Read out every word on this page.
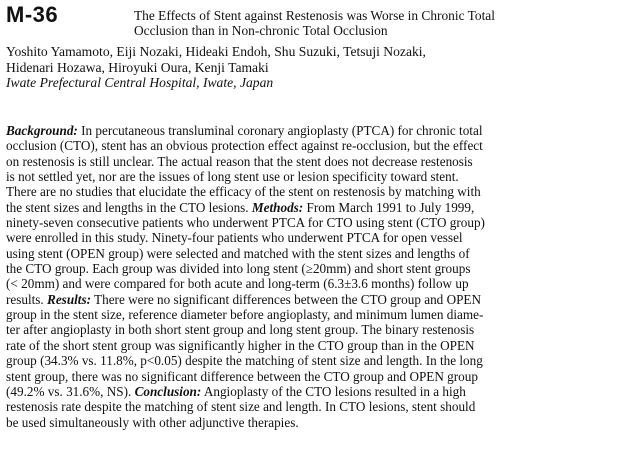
M-36	The Effects of Stent against Restenosis was Worse in Chronic Total
Occlusion than in Non-chronic Total Occlusion
Yoshito Yamamoto, Eiji Nozaki, Hideaki Endoh, Shu Suzuki, Tetsuji Nozaki,
Hidenari Hozawa, Hiroyuki Oura, Kenji Tamaki
Iwate Prefectural Central Hospital, Iwate, Japan
Background: In percutaneous transluminal coronary angioplasty (PTCA) for chronic total
occlusion (CTO), stent has an obvious protection effect against re-occlusion, but the effect
on restenosis is still unclear. The actual reason that the stent does not decrease restenosis
is not settled yet, nor are the issues of long stent use or lesion specificity toward stent.
There are no studies that elucidate the efficacy of the stent on restenosis by matching with
the stent sizes and lengths in the CTO lesions. Methods: From March 1991 to July 1999,
ninety-seven consecutive patients who underwent PTCA for CTO using stent (CTO group)
were enrolled in this study. Ninety-four patients who underwent PTCA for open vessel
using stent (OPEN group) were selected and matched with the stent sizes and lengths of
the CTO group. Each group was divided into long stent (≥20mm) and short stent groups
(< 20mm) and were compared for both acute and long-term (6.3±3.6 months) follow up
results. Results: There were no significant differences between the CTO group and OPEN
group in the stent size, reference diameter before angioplasty, and minimum lumen diame-
ter after angioplasty in both short stent group and long stent group. The binary restenosis
rate of the short stent group was significantly higher in the CTO group than in the OPEN
group (34.3% vs. 11.8%, p<0.05) despite the matching of stent size and length. In the long
stent group, there was no significant difference between the CTO group and OPEN group
(49.2% vs. 31.6%, NS). Conclusion: Angioplasty of the CTO lesions resulted in a high
restenosis rate despite the matching of stent size and length. In CTO lesions, stent should
be used simultaneously with other adjunctive therapies.
